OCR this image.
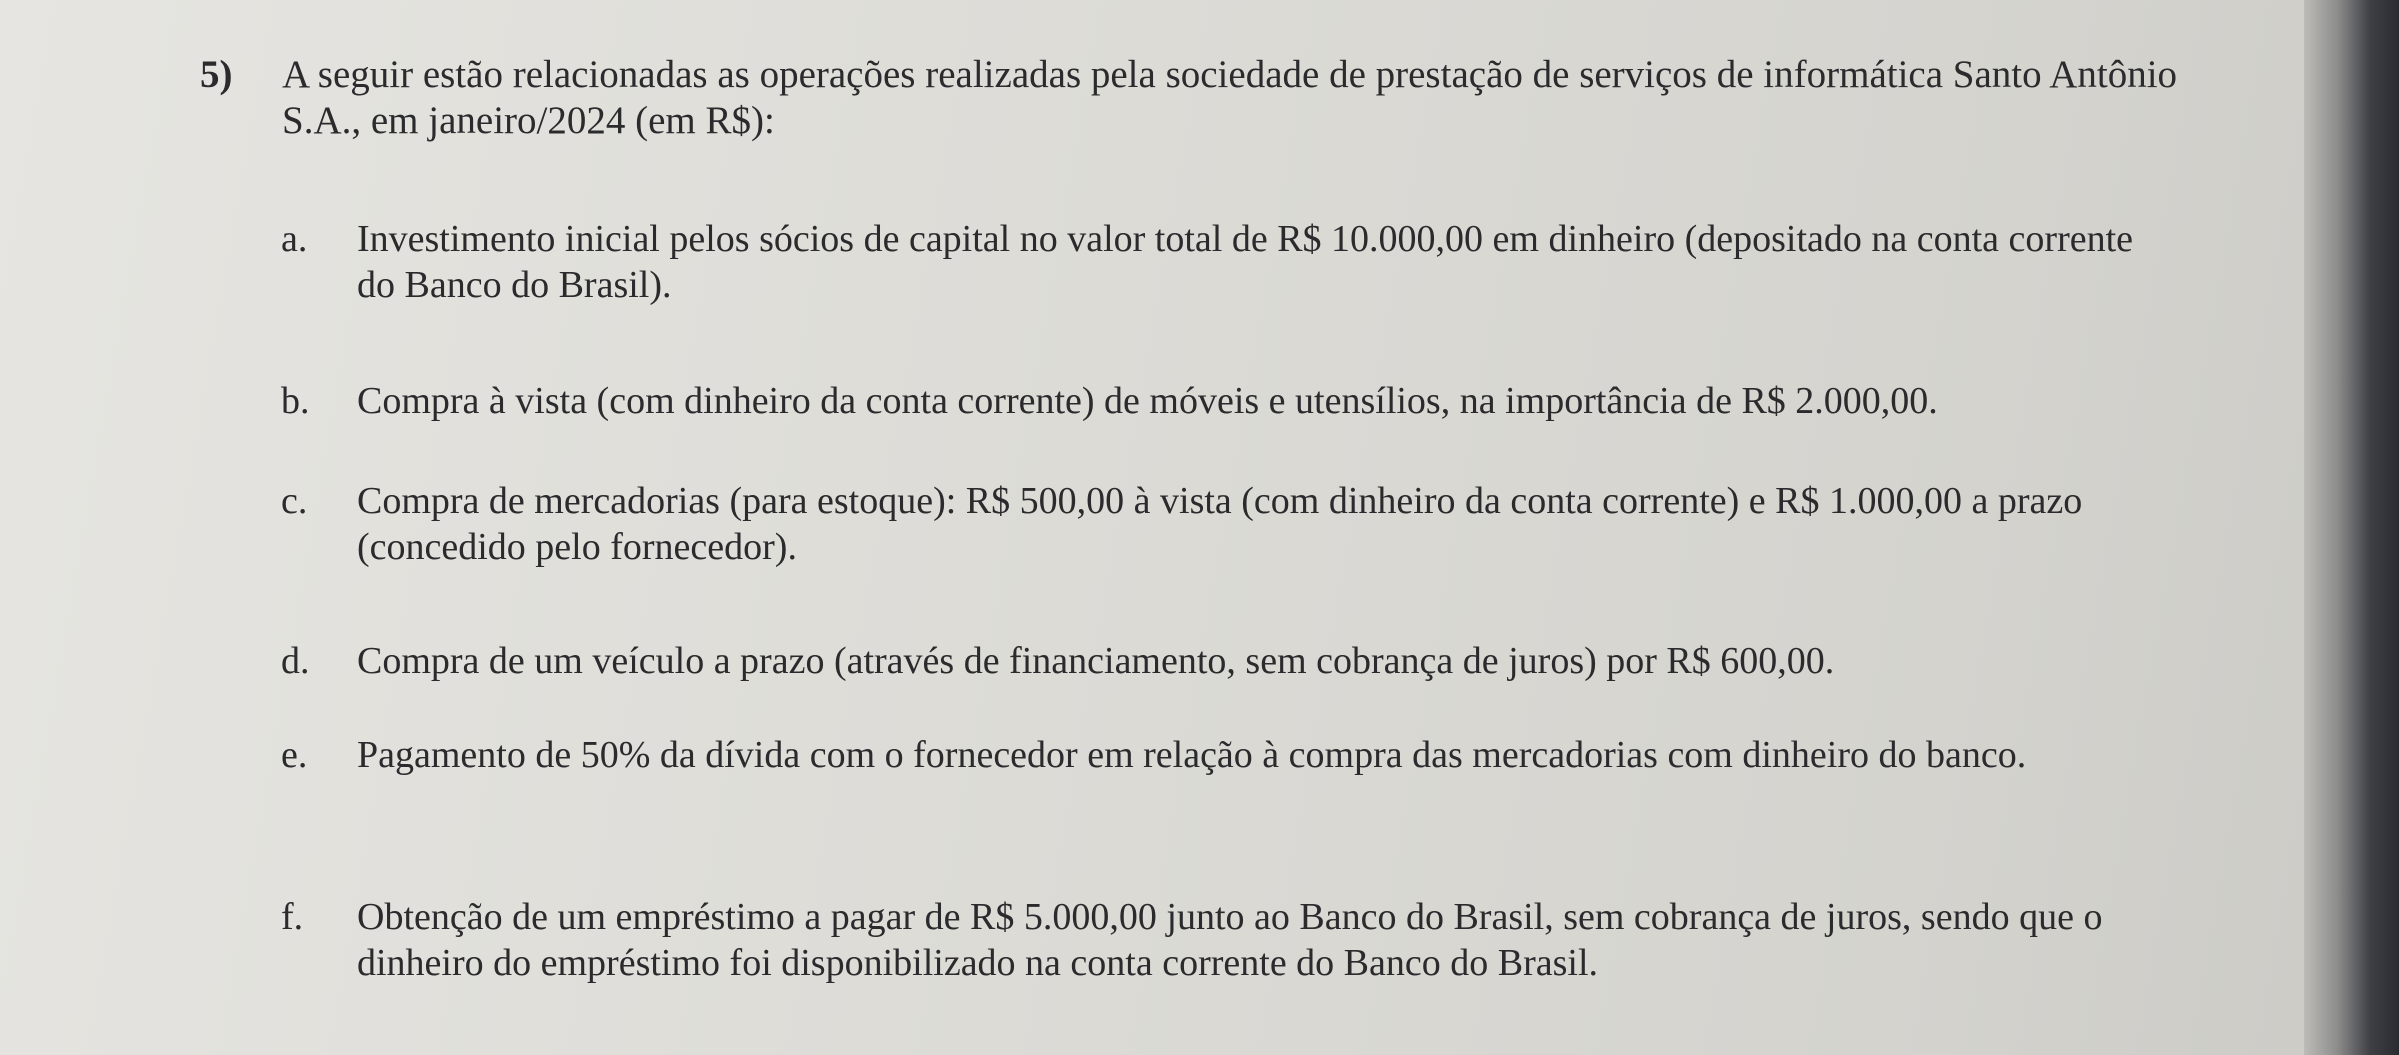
5)	A seguir estão relacionadas as operações realizadas pela sociedade de prestação de serviços de informática Santo Antônio S.A., em janeiro/2024 (em R$):
a.	Investimento inicial pelos sócios de capital no valor total de R$ 10.000,00 em dinheiro (depositado na conta corrente do Banco do Brasil).
b.	Compra à vista (com dinheiro da conta corrente) de móveis e utensílios, na importância de R$ 2.000,00.
c.	Compra de mercadorias (para estoque): R$ 500,00 à vista (com dinheiro da conta corrente) e R$ 1.000,00 a prazo (concedido pelo fornecedor).
d.	Compra de um veículo a prazo (através de financiamento, sem cobrança de juros) por R$ 600,00.
e.	Pagamento de 50% da dívida com o fornecedor em relação à compra das mercadorias com dinheiro do banco.
f.	Obtenção de um empréstimo a pagar de R$ 5.000,00 junto ao Banco do Brasil, sem cobrança de juros, sendo que o dinheiro do empréstimo foi disponibilizado na conta corrente do Banco do Brasil.
